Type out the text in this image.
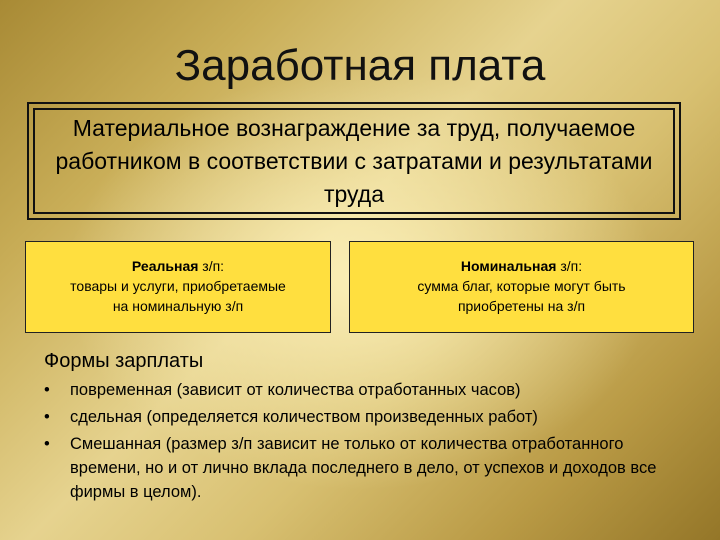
Заработная плата
Материальное вознаграждение за труд, получаемое работником в соответствии с затратами и результатами труда
Реальная з/п:
товары и услуги, приобретаемые
на номинальную з/п
Номинальная з/п:
сумма благ, которые могут быть
приобретены на з/п
Формы зарплаты
•	повременная (зависит от количества отработанных часов)
•	сдельная (определяется количеством произведенных работ)
•	Смешанная (размер з/п зависит не только от количества отработанного времени, но и от лично вклада последнего в дело, от успехов и доходов все фирмы в целом).
